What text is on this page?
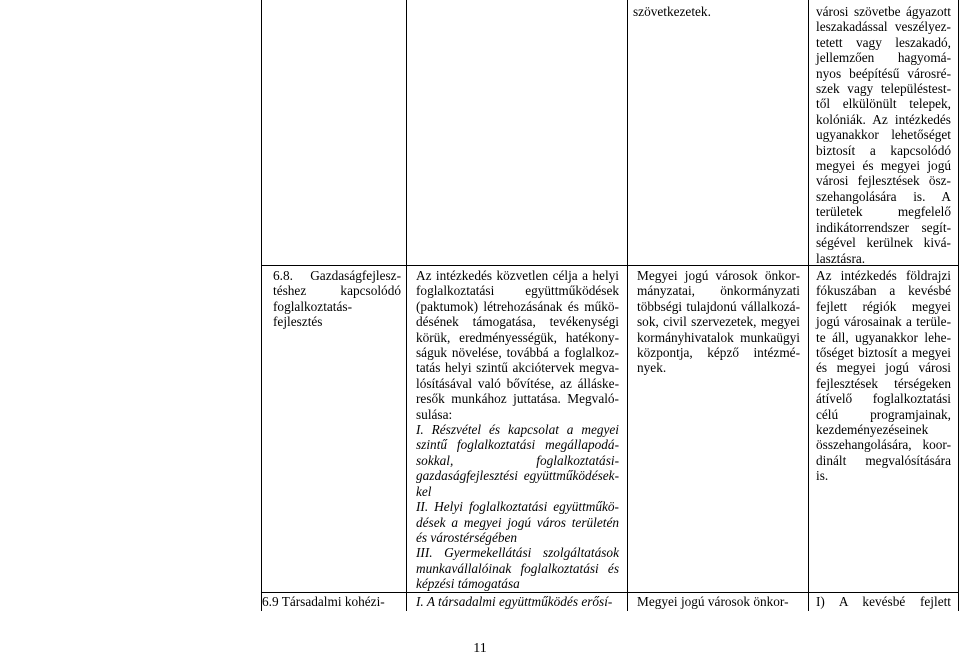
szövetkezetek.	városi szövetbe ágyazott
leszakadással veszélyez-
tetett vagy leszakadó,
jellemzően hagyomá-
nyos beépítésű városré-
szek vagy településtest-
től elkülönült telepek,
kolóniák. Az intézkedés
ugyanakkor lehetőséget
biztosít a kapcsolódó
megyei és megyei jogú
városi fejlesztések ösz-
szehangolására is. A
területek megfelelő
indikátorrendszer segít-
ségével kerülnek kivá-
lasztásra.
6.8. Gazdaságfejlesz-
téshez kapcsolódó
foglalkoztatás-
fejlesztés
Az intézkedés közvetlen célja a helyi
foglalkoztatási együttműködések
(paktumok) létrehozásának és műkö-
désének támogatása, tevékenységi
körük, eredményességük, hatékony-
ságuk növelése, továbbá a foglalkoz-
tatás helyi szintű akciótervek megva-
lósításával való bővítése, az álláske-
resők munkához juttatása. Megvaló-
sulása:
I. Részvétel és kapcsolat a megyei
szintű foglalkoztatási megállapodá-
sokkal, foglalkoztatási-
gazdaságfejlesztési együttműködések-
kel
II. Helyi foglalkoztatási együttműkö-
dések a megyei jogú város területén
és várostérségében
III. Gyermekellátási szolgáltatások
munkavállalóinak foglalkoztatási és
képzési támogatása
Megyei jogú városok önkor-
mányzatai, önkormányzati
többségi tulajdonú vállalkozá-
sok, civil szervezetek, megyei
kormányhivatalok munkaügyi
központja, képző intézmé-
nyek.
Az intézkedés földrajzi
fókuszában a kevésbé
fejlett régiók megyei
jogú városainak a terüle-
te áll, ugyanakkor lehe-
tőséget biztosít a megyei
és megyei jogú városi
fejlesztések térségeken
átívelő foglalkoztatási
célú programjainak,
kezdeményezéseinek
összehangolására, koor-
dinált megvalósítására
is.
6.9 Társadalmi kohézi- I. A társadalmi együttműködés erősí- Megyei jogú városok önkor- I) A kevésbé fejlett
11
